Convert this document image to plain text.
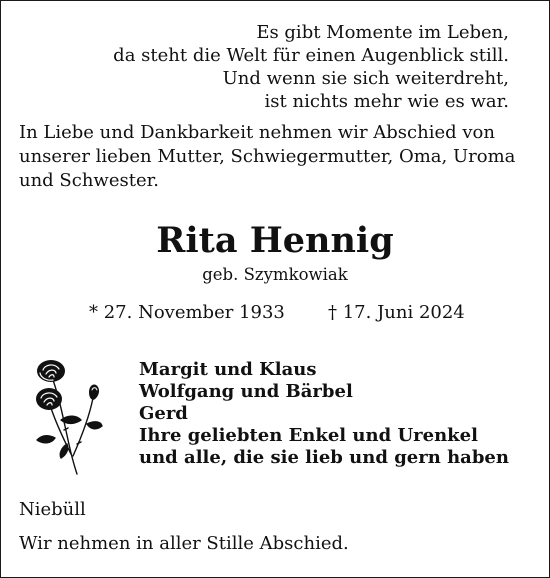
Es gibt Momente im Leben,
da steht die Welt für einen Augenblick still.
Und wenn sie sich weiterdreht,
ist nichts mehr wie es war.
In Liebe und Dankbarkeit nehmen wir Abschied von unserer lieben Mutter, Schwiegermutter, Oma, Uroma und Schwester.
Rita Hennig
geb. Szymkowiak
* 27. November 1933 † 17. Juni 2024
Margit und Klaus
Wolfgang und Bärbel
Gerd
Ihre geliebten Enkel und Urenkel
und alle, die sie lieb und gern haben
Niebüll
Wir nehmen in aller Stille Abschied.
